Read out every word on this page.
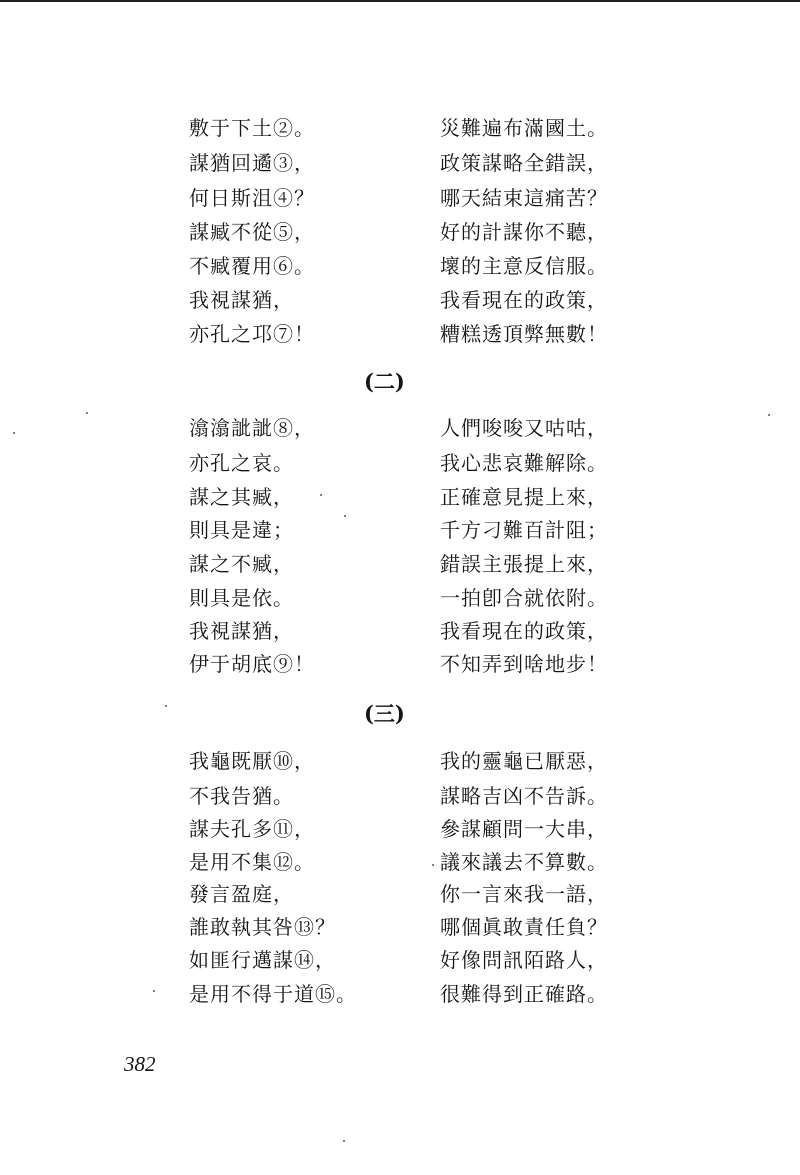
敷于下土②。
謀猶回遹③，
何日斯沮④？
謀臧不從⑤，
不臧覆用⑥。
我視謀猶，
亦孔之邛⑦！
災難遍布滿國土。
政策謀略全錯誤，
哪天結束這痛苦？
好的計謀你不聽，
壞的主意反信服。
我看現在的政策，
糟糕透頂弊無數！
(二)
潝潝訿訿⑧，
亦孔之哀。
謀之其臧，
則具是違；
謀之不臧，
則具是依。
我視謀猶，
伊于胡底⑨！
人們唆唆又咕咕，
我心悲哀難解除。
正確意見提上來，
千方刁難百計阻；
錯誤主張提上來，
一拍卽合就依附。
我看現在的政策，
不知弄到啥地步！
(三)
我龜既厭⑩，
不我告猶。
謀夫孔多⑪，
是用不集⑫。
發言盈庭，
誰敢執其咎⑬？
如匪行邁謀⑭，
是用不得于道⑮。
我的靈龜已厭惡，
謀略吉凶不告訴。
參謀顧問一大串，
議來議去不算數。
你一言來我一語，
哪個眞敢責任負？
好像問訊陌路人，
很難得到正確路。
382
